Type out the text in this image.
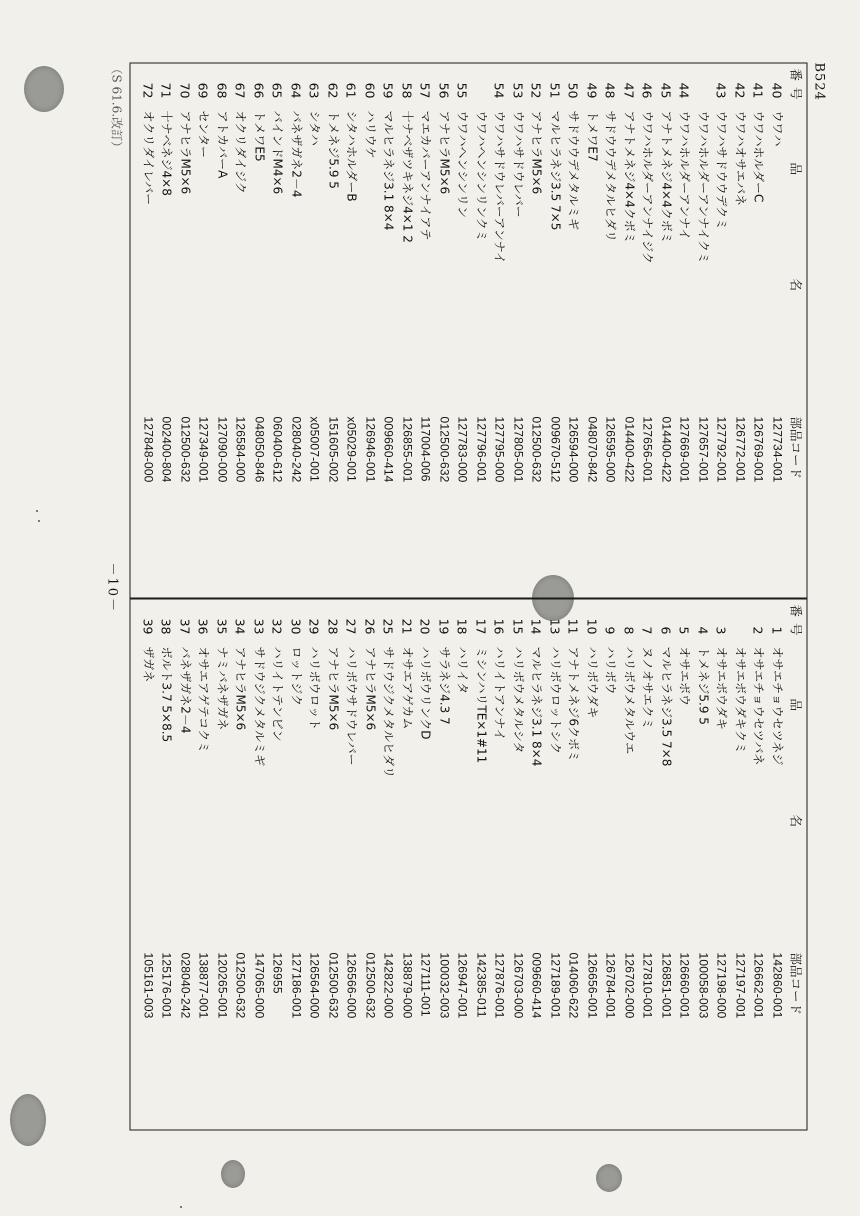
B524
（S 61.6.改訂）
－10－
番号
品
名
部品コード
1
オサエチョウセツネジ
142860-001
2
オサエチョウセツバネ
126662-001
オサエボウダキクミ
127197-001
3
オサエボウダキ
127198-000
4
トメネジ5.9 5
100058-003
5
オサエボウ
126660-001
6
マルヒラネジ3.5 7×8
126851-001
7
ヌノオサエクミ
127810-001
8
ハリボウメタルウエ
126702-000
9
ハリボウ
126784-001
10
ハリボウダキ
126656-001
11
アナトメネジ6クボミ
014060-622
13
ハリボウロットシク
127189-001
14
マルヒラネジ3.1 8×4
009660-414
15
ハリボウメタルシタ
126703-000
16
ハリイトアンナイ
127876-001
17
ミシンハリTE×1#11
142385-011
18
ハリイタ
126947-001
19
サラネジ4.3 7
100032-003
20
ハリボウリンクD
127111-001
21
オサエアゲカム
138879-000
25
サドウジクメタルヒダリ
142822-000
26
アナヒラM5×6
012500-632
27
ハリボウサドウレバー
126566-000
28
アナヒラM5×6
012500-632
29
ハリボウロット
126564-000
30
ロットジク
127186-001
32
ハリイトテンビン
126955
33
サドウジクメタルミギ
147065-000
34
アナヒラM5×6
012500-632
35
ナミバネザガネ
120265-001
36
オサエアゲテコクミ
138877-001
37
バネザガネ2－4
028040-242
38
ボルト3.7 5×8.5
125176-001
39
ザガネ
105161-003
番号
品
名
部品コード
40
ウワハ
127734-001
41
ウワハホルダーC
126769-001
42
ウワハオサエバネ
126772-001
43
ウワハサドウウデクミ
127792-001
ウワハホルダーアンナイクミ
127657-001
44
ウワハホルダーアンナイ
127669-001
45
アナトメネジ4×4クボミ
014400-422
46
ウワハホルダーアンナイジク
127656-001
47
アナトメネジ4×4クボミ
014400-422
48
サドウウデメタルヒダリ
126595-000
49
トメワE7
048070-842
50
サドウウデメタルミギ
126594-000
51
マルヒラネジ3.5 7×5
009670-512
52
アナヒラM5×6
012500-632
53
ウワハサドウレバー
127805-001
54
ウワハサドウレバーアンナイ
127795-000
ウワハヘンシンリンクミ
127796-001
55
ウワハヘンシンリン
127783-000
56
アナヒラM5×6
012500-632
57
マエカバーアンナイアテ
117004-006
58
十ナベザツキネジ4×1 2
126855-001
59
マルヒラネジ3.1 8×4
009660-414
60
ハリウケ
126946-001
61
シタハホルダーB
x05029-001
62
トメネジ5.9 5
151605-002
63
シタハ
x05007-001
64
バネザガネ2－4
028040-242
65
バインドM4×6
060400-612
66
トメワE5
048050-846
67
オクリダイジク
126584-000
68
アトカバーA
127090-000
69
センター
127349-001
70
アナヒラM5×6
012500-632
71
十ナベネジ4×8
002400-804
72
オクリダイレバー
127848-000
